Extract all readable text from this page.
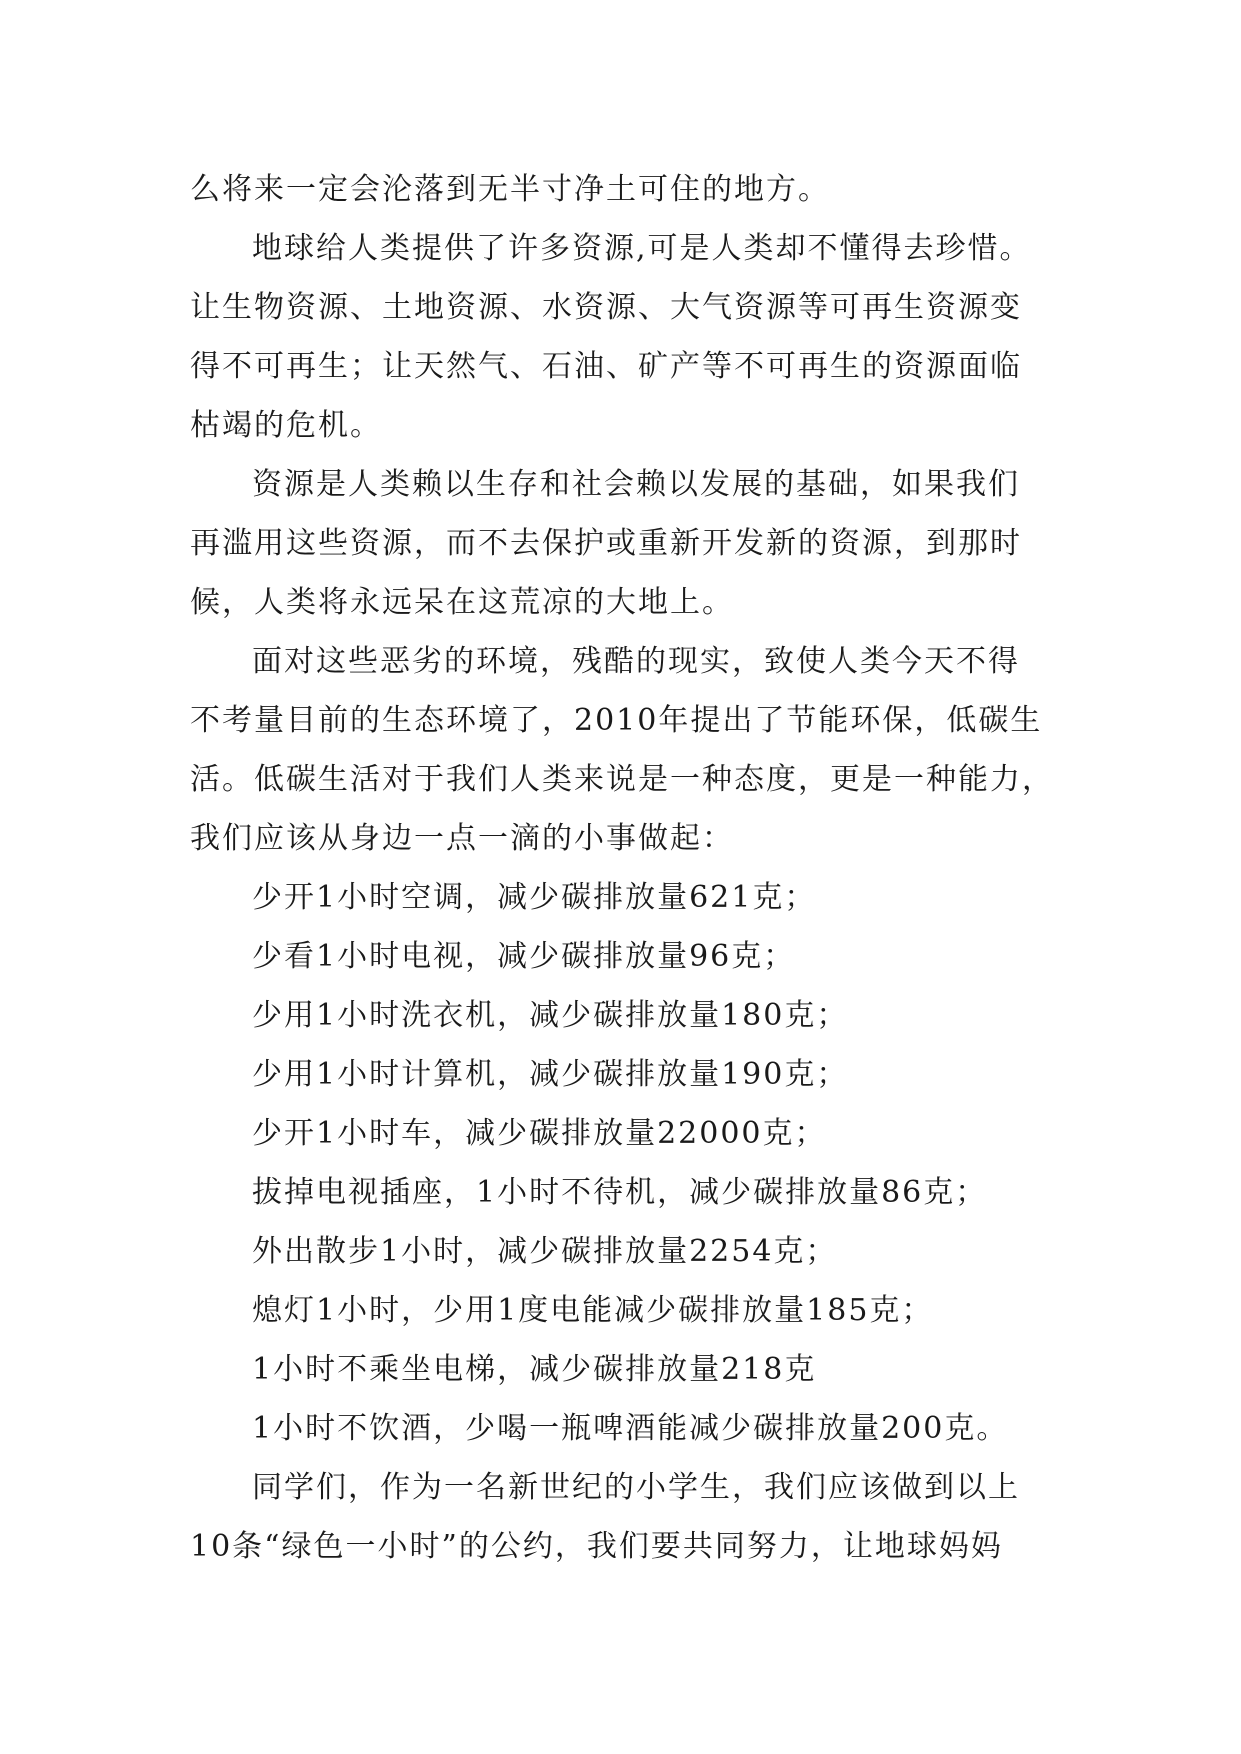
么将来一定会沦落到无半寸净土可住的地方。
地球给人类提供了许多资源,可是人类却不懂得去珍惜。
让生物资源、土地资源、水资源、大气资源等可再生资源变
得不可再生；让天然气、石油、矿产等不可再生的资源面临
枯竭的危机。
资源是人类赖以生存和社会赖以发展的基础，如果我们
再滥用这些资源，而不去保护或重新开发新的资源，到那时
候，人类将永远呆在这荒凉的大地上。
面对这些恶劣的环境，残酷的现实，致使人类今天不得
不考量目前的生态环境了，2010年提出了节能环保，低碳生
活。低碳生活对于我们人类来说是一种态度，更是一种能力，
我们应该从身边一点一滴的小事做起：
少开1小时空调，减少碳排放量621克；
少看1小时电视，减少碳排放量96克；
少用1小时洗衣机，减少碳排放量180克；
少用1小时计算机，减少碳排放量190克；
少开1小时车，减少碳排放量22000克；
拔掉电视插座，1小时不待机，减少碳排放量86克；
外出散步1小时，减少碳排放量2254克；
熄灯1小时，少用1度电能减少碳排放量185克；
1小时不乘坐电梯，减少碳排放量218克
1小时不饮酒，少喝一瓶啤酒能减少碳排放量200克。
同学们，作为一名新世纪的小学生，我们应该做到以上
10条“绿色一小时”的公约，我们要共同努力，让地球妈妈
